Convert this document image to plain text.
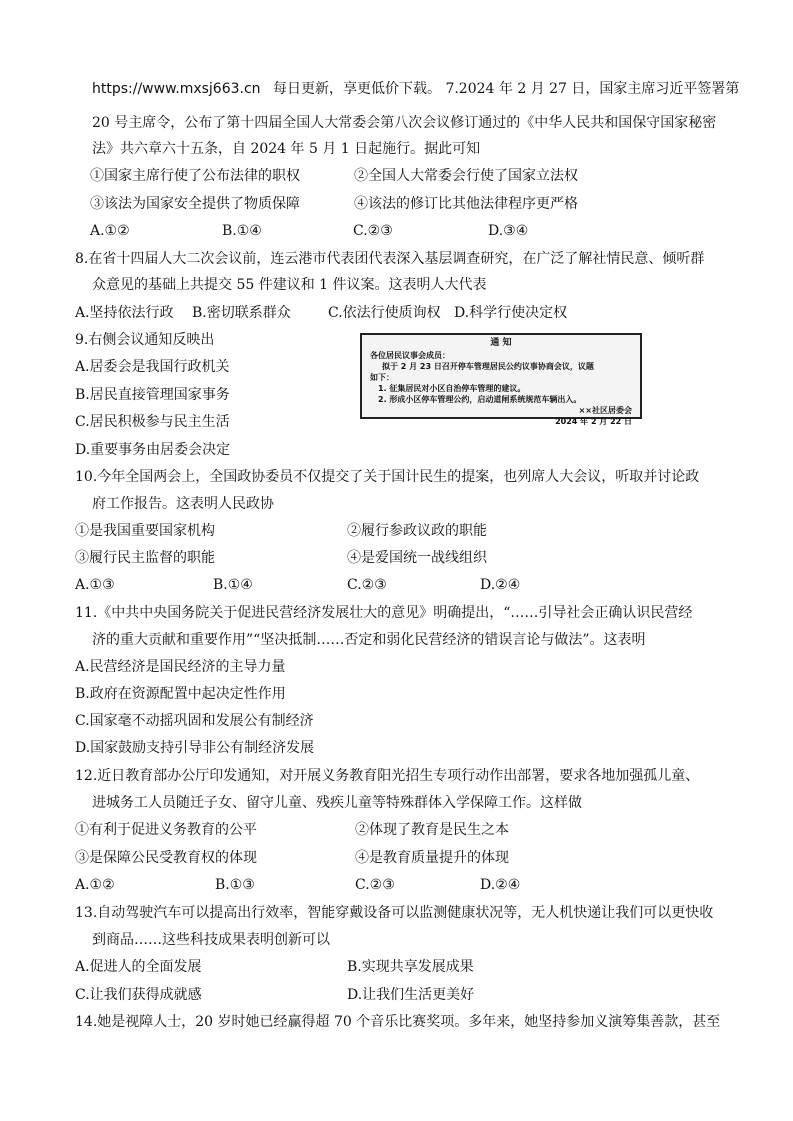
https://www.mxsj663.cn 每日更新，享更低价下载。 7.2024 年 2 月 27 日，国家主席习近平签署第
20 号主席令，公布了第十四届全国人大常委会第八次会议修订通过的《中华人民共和国保守国家秘密
法》共六章六十五条，自 2024 年 5 月 1 日起施行。据此可知
①国家主席行使了公布法律的职权	②全国人大常委会行使了国家立法权
③该法为国家安全提供了物质保障	④该法的修订比其他法律程序更严格
A.①②	B.①④	C.②③	D.③④
8.在省十四届人大二次会议前，连云港市代表团代表深入基层调查研究，在广泛了解社情民意、倾听群
众意见的基础上共提交 55 件建议和 1 件议案。这表明人大代表
A.坚持依法行政 B.密切联系群众	C.依法行使质询权 D.科学行使决定权
9.右侧会议通知反映出
A.居委会是我国行政机关
B.居民直接管理国家事务
C.居民积极参与民主生活
D.重要事务由居委会决定
通 知
各位居民议事会成员：
拟于 2 月 23 日召开停车管理居民公约议事协商会议，议题
如下：
1. 征集居民对小区自治停车管理的建议。
2. 形成小区停车管理公约，启动道闸系统规范车辆出入。
××社区居委会
2024 年 2 月 22 日
10.今年全国两会上，全国政协委员不仅提交了关于国计民生的提案，也列席人大会议，听取并讨论政
府工作报告。这表明人民政协
①是我国重要国家机构	②履行参政议政的职能
③履行民主监督的职能	④是爱国统一战线组织
A.①③	B.①④	C.②③	D.②④
11.《中共中央国务院关于促进民营经济发展壮大的意见》明确提出，“……引导社会正确认识民营经
济的重大贡献和重要作用”“坚决抵制……否定和弱化民营经济的错误言论与做法”。这表明
A.民营经济是国民经济的主导力量
B.政府在资源配置中起决定性作用
C.国家毫不动摇巩固和发展公有制经济
D.国家鼓励支持引导非公有制经济发展
12.近日教育部办公厅印发通知，对开展义务教育阳光招生专项行动作出部署，要求各地加强孤儿童、
进城务工人员随迁子女、留守儿童、残疾儿童等特殊群体入学保障工作。这样做
①有利于促进义务教育的公平	②体现了教育是民生之本
③是保障公民受教育权的体现	④是教育质量提升的体现
A.①②	B.①③	C.②③	D.②④
13.自动驾驶汽车可以提高出行效率，智能穿戴设备可以监测健康状况等，无人机快递让我们可以更快收
到商品……这些科技成果表明创新可以
A.促进人的全面发展	B.实现共享发展成果
C.让我们获得成就感	D.让我们生活更美好
14.她是视障人士，20 岁时她已经赢得超 70 个音乐比赛奖项。多年来，她坚持参加义演筹集善款，甚至
